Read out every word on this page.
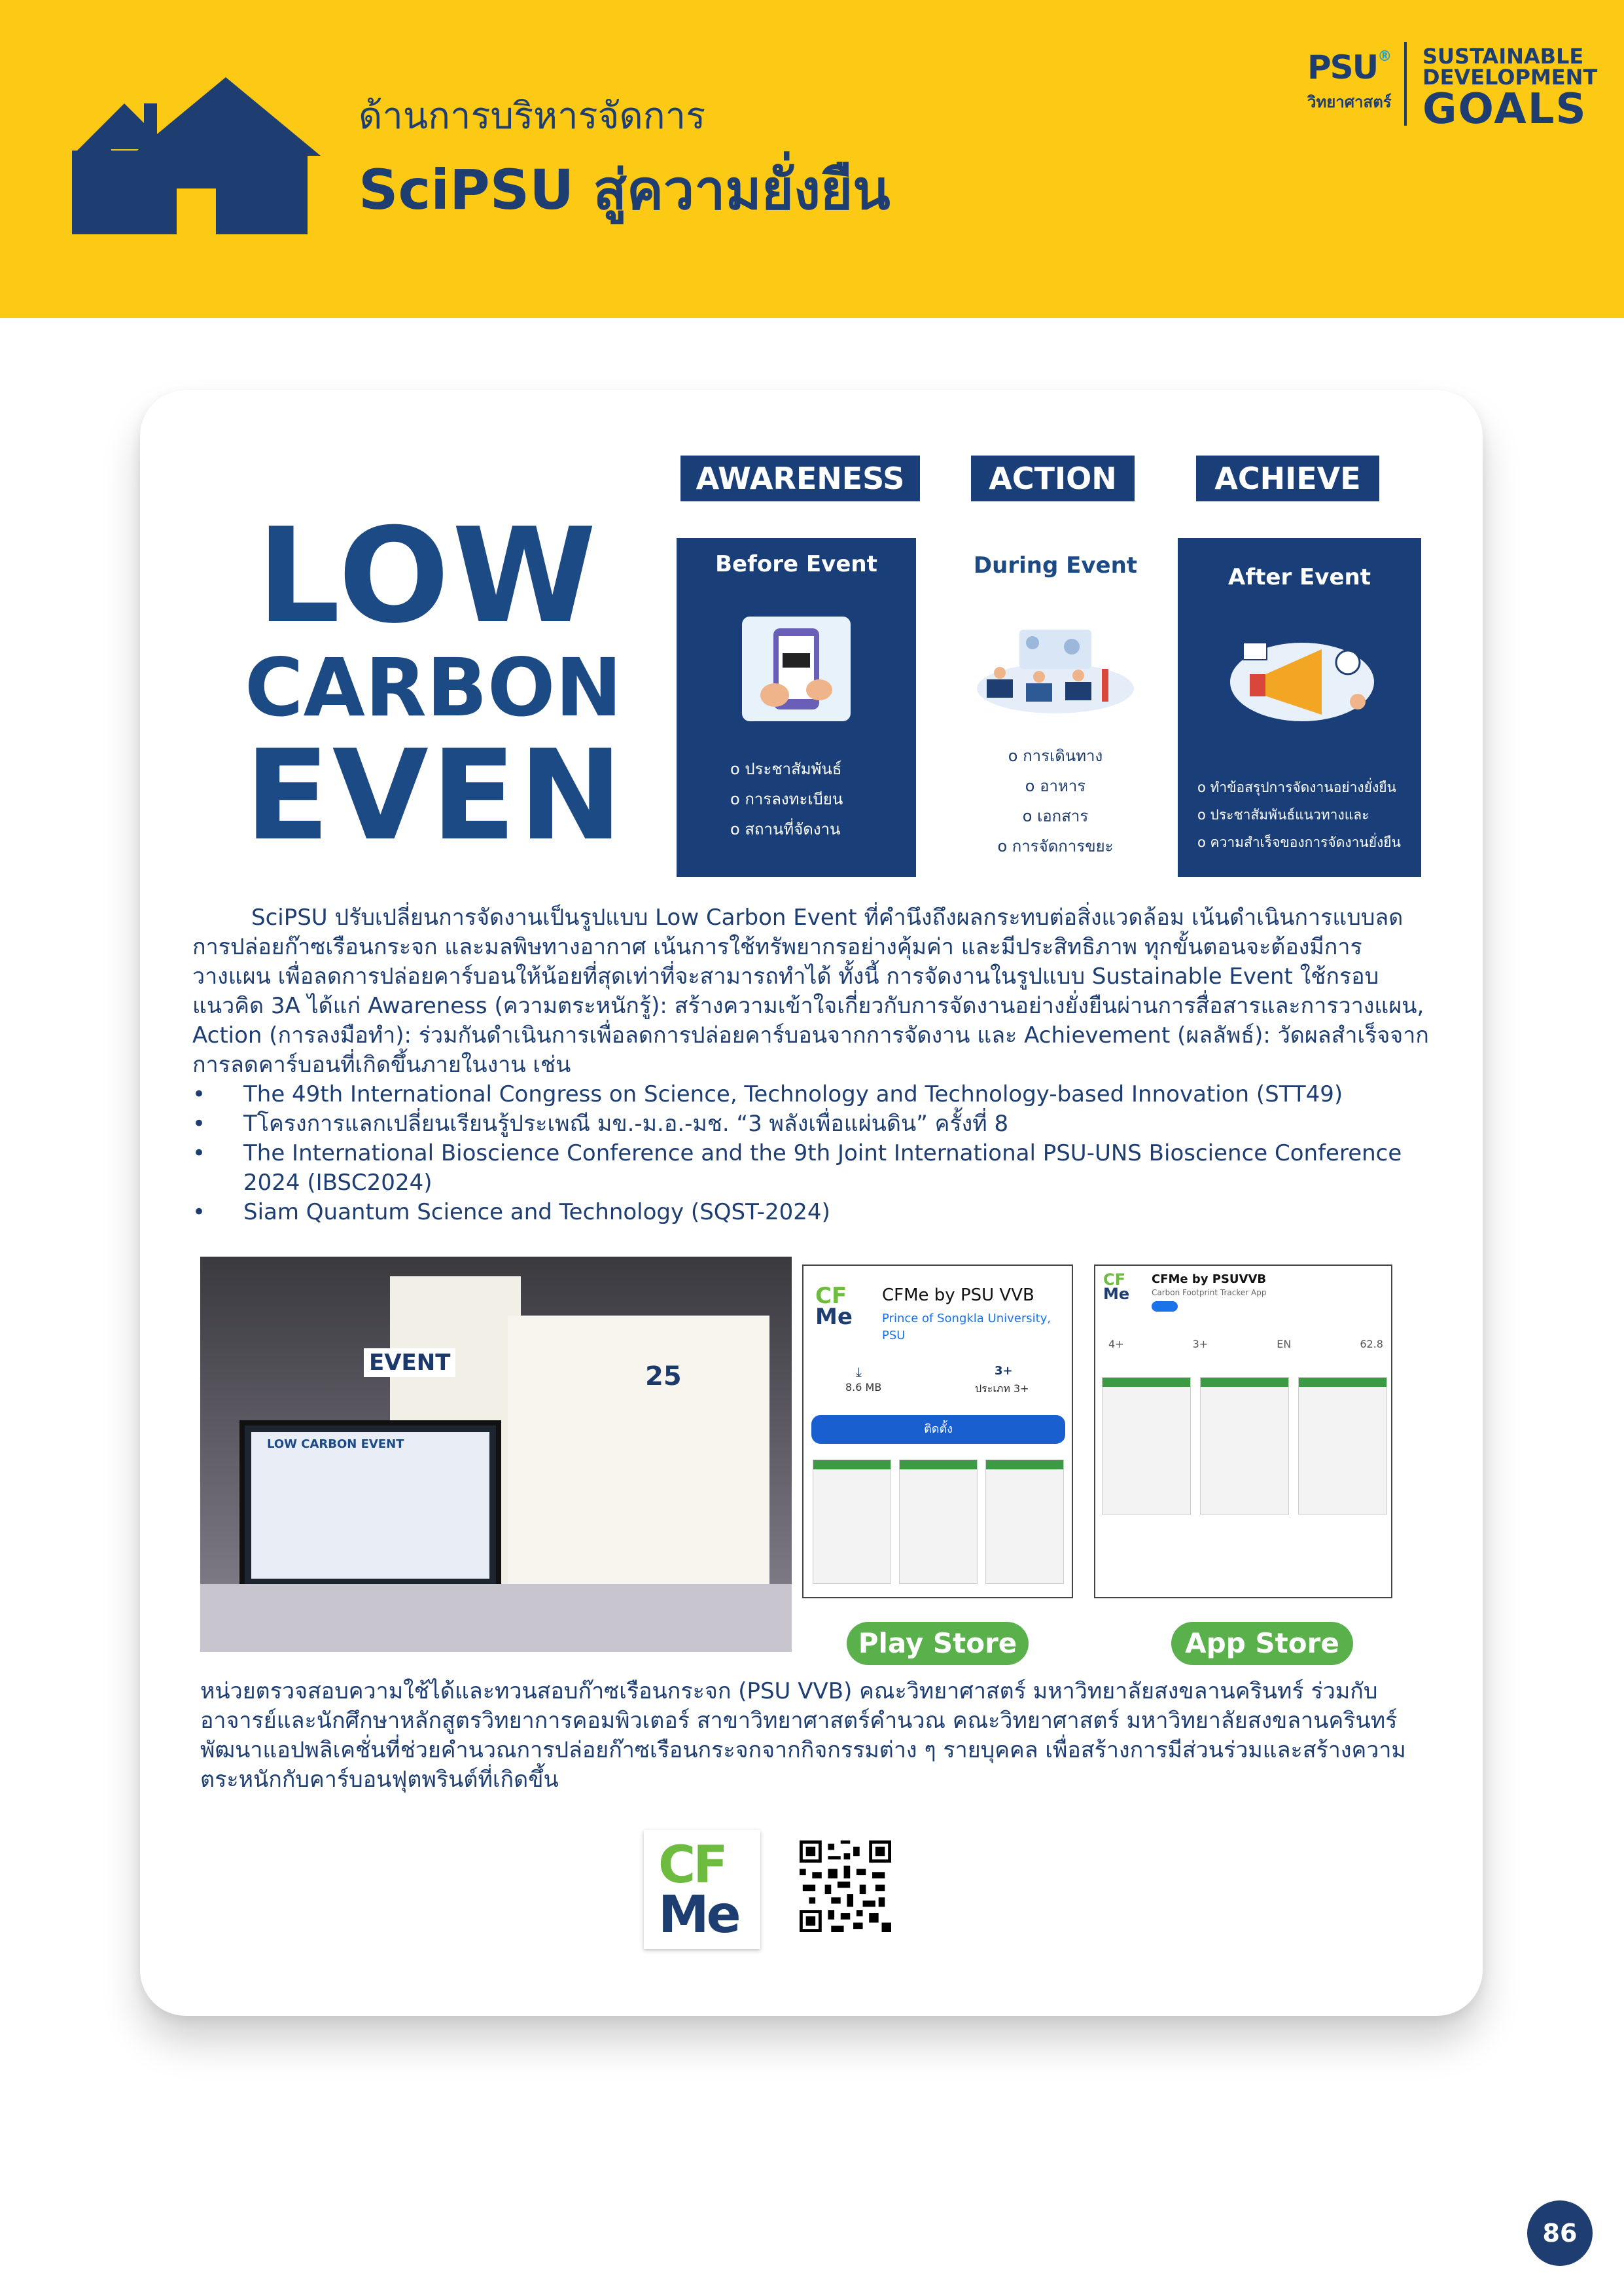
ด้านการบริหารจัดการ
SciPSU สู่ความยั่งยืน
PSU®
วิทยาศาสตร์
SUSTAINABLE
DEVELOPMENT
GOALS
LOW
CARBON
EVEN
AWARENESS	ACTION	ACHIEVE
Before Event
o ประชาสัมพันธ์
o การลงทะเบียน
o สถานที่จัดงาน
During Event
o การเดินทาง
o อาหาร
o เอกสาร
o การจัดการขยะ
After Event
o ทำข้อสรุปการจัดงานอย่างยั่งยืน
o ประชาสัมพันธ์แนวทางและ
o ความสำเร็จของการจัดงานยั่งยืน

SciPSU ปรับเปลี่ยนการจัดงานเป็นรูปแบบ Low Carbon Event ที่คำนึงถึงผลกระทบต่อสิ่งแวดล้อม เน้นดำเนินการแบบลดการปล่อยก๊าซเรือนกระจก และมลพิษทางอากาศ เน้นการใช้ทรัพยากรอย่างคุ้มค่า และมีประสิทธิภาพ ทุกขั้นตอนจะต้องมีการวางแผน เพื่อลดการปล่อยคาร์บอนให้น้อยที่สุดเท่าที่จะสามารถทำได้ ทั้งนี้ การจัดงานในรูปแบบ Sustainable Event ใช้กรอบแนวคิด 3A ได้แก่ Awareness (ความตระหนักรู้): สร้างความเข้าใจเกี่ยวกับการจัดงานอย่างยั่งยืนผ่านการสื่อสารและการวางแผน, Action (การลงมือทำ): ร่วมกันดำเนินการเพื่อลดการปล่อยคาร์บอนจากการจัดงาน และ Achievement (ผลลัพธ์): วัดผลสำเร็จจากการลดคาร์บอนที่เกิดขึ้นภายในงาน เช่น

• The 49th International Congress on Science, Technology and Technology-based Innovation (STT49)
• Tโครงการแลกเปลี่ยนเรียนรู้ประเพณี มข.-ม.อ.-มช. “3 พลังเพื่อแผ่นดิน” ครั้งที่ 8
• The International Bioscience Conference and the 9th Joint International PSU-UNS Bioscience Conference 2024 (IBSC2024)
• Siam Quantum Science and Technology (SQST-2024)
EVENT	25
LOW CARBON EVENT
CF
Me
CFMe by PSU VVB
Prince of Songkla University,
PSU
⤓
8.6 MB
3+
ประเภท 3+
ติดตั้ง
CF
Me
CFMe by PSUVVB
Carbon Footprint Tracker App
4+	3+	EN	62.8
Play Store	App Store
หน่วยตรวจสอบความใช้ได้และทวนสอบก๊าซเรือนกระจก (PSU VVB) คณะวิทยาศาสตร์ มหาวิทยาลัยสงขลานครินทร์ ร่วมกับอาจารย์และนักศึกษาหลักสูตรวิทยาการคอมพิวเตอร์ สาขาวิทยาศาสตร์คำนวณ คณะวิทยาศาสตร์ มหาวิทยาลัยสงขลานครินทร์ พัฒนาแอปพลิเคชั่นที่ช่วยคำนวณการปล่อยก๊าซเรือนกระจกจากกิจกรรมต่าง ๆ รายบุคคล เพื่อสร้างการมีส่วนร่วมและสร้างความตระหนักกับคาร์บอนฟุตพรินต์ที่เกิดขึ้น
CF
Me
86
